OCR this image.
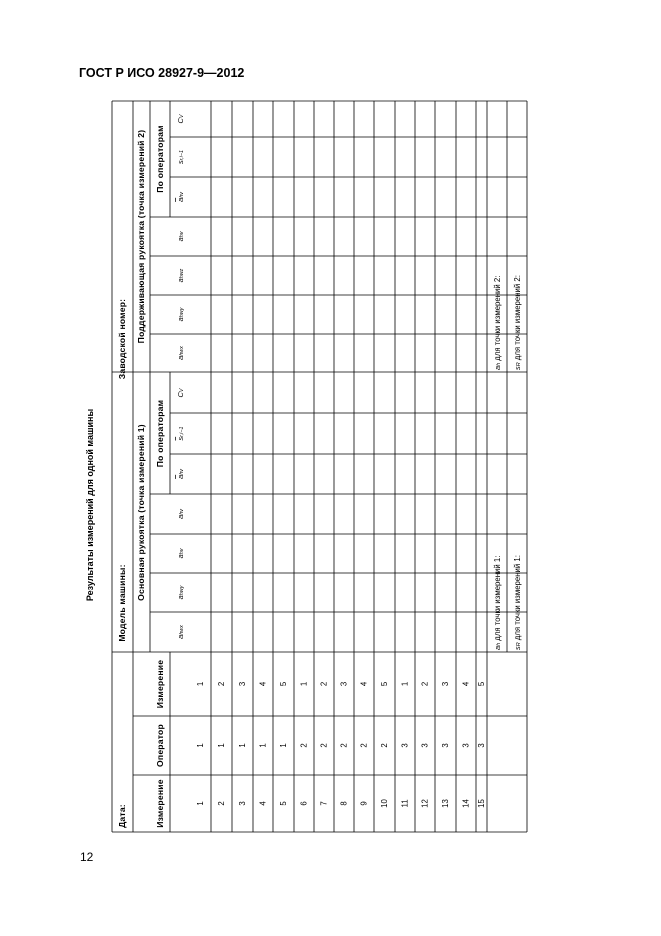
ГОСТ Р ИСО 28927-9—2012
Результаты измерений для одной машины
Дата:
Модель машины:
Заводской номер:
Основная рукоятка (точка измерений 1)
Поддерживающая рукоятка (точка измерений 2)
По операторам
По операторам
Измерение
Оператор
Измерение
ahwx
ahwy
ahv
ahv
ahv
sr,i−1
CV
ahwx
ahwy
ahwz
ahv
ahv
sr,i−1
CV
1
1
1
2
1
2
3
1
3
4
1
4
5
1
5
6
2
1
7
2
2
8
2
3
9
2
4
10
2
5
11
3
1
12
3
2
13
3
3
14
3
4
15
3
5
ah для точки измерений 1:
sR для точки измерений 1:
ah для точки измерений 2:
sR для точки измерений 2:
12
